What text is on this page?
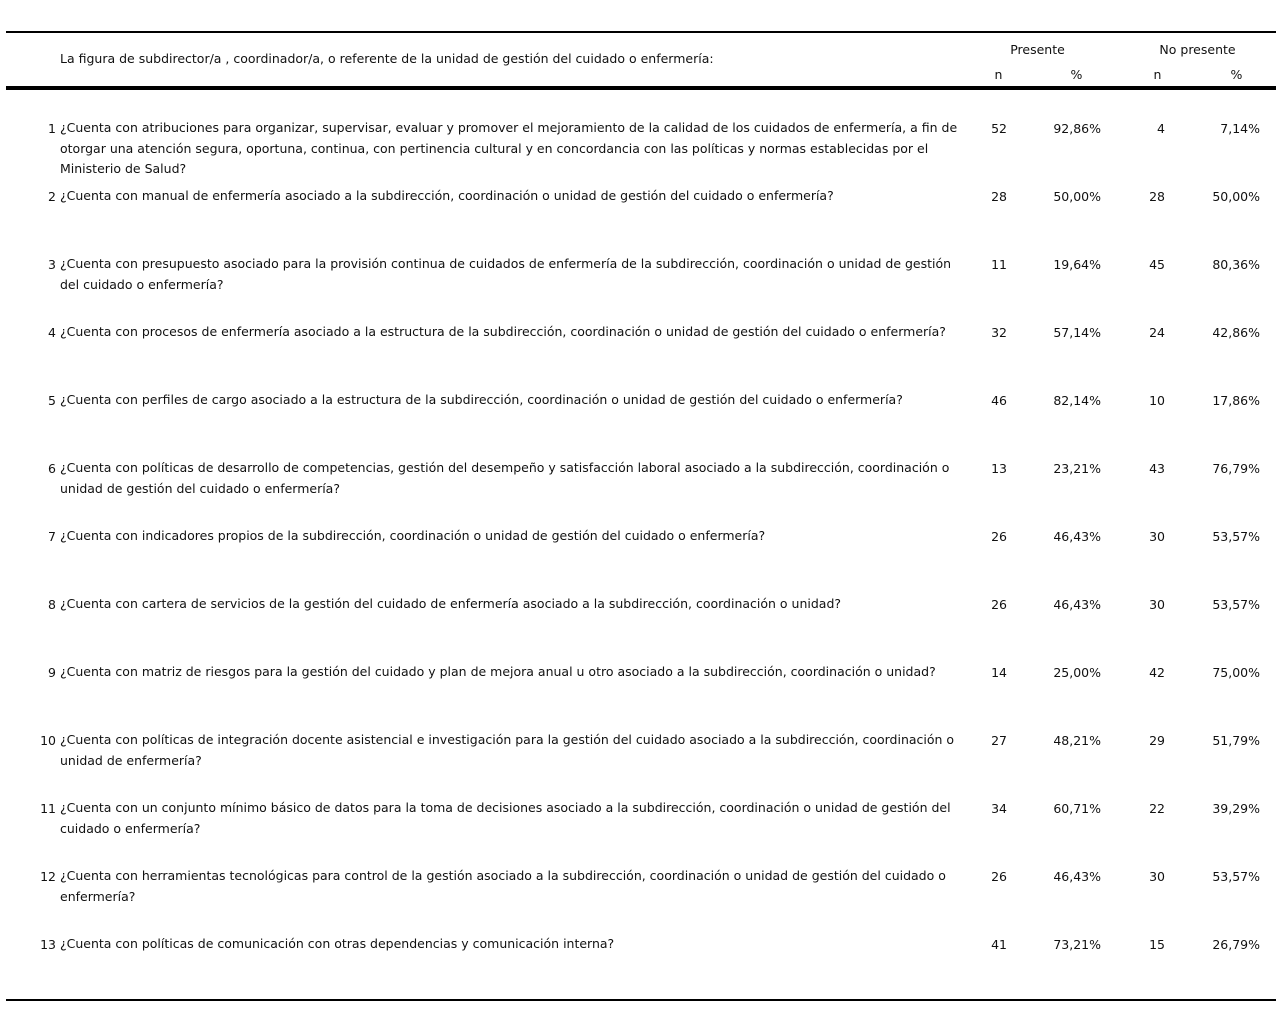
La figura de subdirector/a , coordinador/a, o referente de la unidad de gestión del cuidado o enfermería:
Presente	No presente
n	%	n	%
1 ¿Cuenta con atribuciones para organizar, supervisar, evaluar y promover el mejoramiento de la calidad de los cuidados de enfermería, a fin de otorgar una atención segura, oportuna, continua, con pertinencia cultural y en concordancia con las políticas y normas establecidas por el Ministerio de Salud?
52	92,86%	4	7,14%
2 ¿Cuenta con manual de enfermería asociado a la subdirección, coordinación o unidad de gestión del cuidado o enfermería?	28	50,00%	28	50,00%
3 ¿Cuenta con presupuesto asociado para la provisión continua de cuidados de enfermería de la subdirección, coordinación o unidad de gestión del cuidado o enfermería?
11	19,64%	45	80,36%
4 ¿Cuenta con procesos de enfermería asociado a la estructura de la subdirección, coordinación o unidad de gestión del cuidado o enfermería?	32	57,14%	24	42,86%
5 ¿Cuenta con perfiles de cargo asociado a la estructura de la subdirección, coordinación o unidad de gestión del cuidado o enfermería?	46	82,14%	10	17,86%
6 ¿Cuenta con políticas de desarrollo de competencias, gestión del desempeño y satisfacción laboral asociado a la subdirección, coordinación o unidad de gestión del cuidado o enfermería?
13	23,21%	43	76,79%
7 ¿Cuenta con indicadores propios de la subdirección, coordinación o unidad de gestión del cuidado o enfermería?	26	46,43%	30	53,57%
8 ¿Cuenta con cartera de servicios de la gestión del cuidado de enfermería asociado a la subdirección, coordinación o unidad?	26	46,43%	30	53,57%
9 ¿Cuenta con matriz de riesgos para la gestión del cuidado y plan de mejora anual u otro asociado a la subdirección, coordinación o unidad?	14	25,00%	42	75,00%
10 ¿Cuenta con políticas de integración docente asistencial e investigación para la gestión del cuidado asociado a la subdirección, coordinación o unidad de enfermería?
27	48,21%	29	51,79%
11 ¿Cuenta con un conjunto mínimo básico de datos para la toma de decisiones asociado a la subdirección, coordinación o unidad de gestión del cuidado o enfermería?
34	60,71%	22	39,29%
12 ¿Cuenta con herramientas tecnológicas para control de la gestión asociado a la subdirección, coordinación o unidad de gestión del cuidado o enfermería?
26	46,43%	30	53,57%
13 ¿Cuenta con políticas de comunicación con otras dependencias y comunicación interna?	41	73,21%	15	26,79%
